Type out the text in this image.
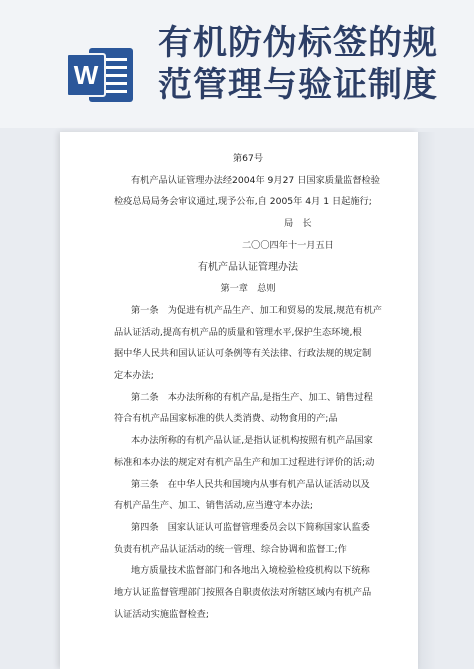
W
有机防伪标签的规
范管理与验证制度

第67号

有机产品认证管理办法经2004年 9月27 日国家质量监督检验

检疫总局局务会审议通过,现予公布,自 2005年 4月 1 日起施行;

局　长

二〇〇四年十一月五日

有机产品认证管理办法

第一章　总则

第一条　为促进有机产品生产、加工和贸易的发展,规范有机产

品认证活动,提高有机产品的质量和管理水平,保护生态环境,根

据中华人民共和国认证认可条例等有关法律、行政法规的规定制

定本办法;

第二条　本办法所称的有机产品,是指生产、加工、销售过程

符合有机产品国家标准的供人类消费、动物食用的产;品

本办法所称的有机产品认证,是指认证机构按照有机产品国家

标准和本办法的规定对有机产品生产和加工过程进行评价的活;动

第三条　在中华人民共和国境内从事有机产品认证活动以及

有机产品生产、加工、销售活动,应当遵守本办法;

第四条　国家认证认可监督管理委员会以下简称国家认监委

负责有机产品认证活动的统一管理、综合协调和监督工;作

地方质量技术监督部门和各地出入境检验检疫机构以下统称

地方认证监督管理部门按照各自职责依法对所辖区域内有机产品

认证活动实施监督检查;
